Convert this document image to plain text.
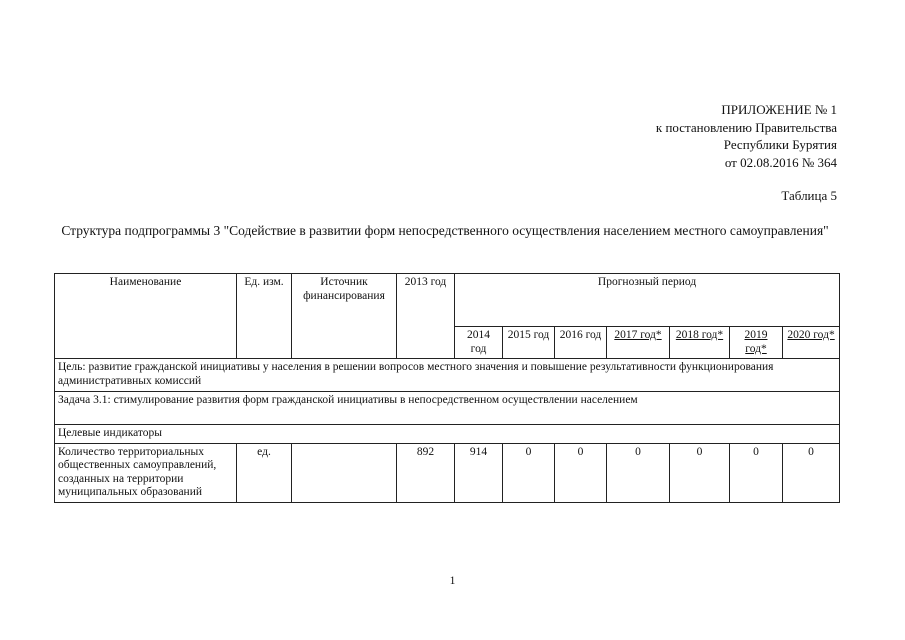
ПРИЛОЖЕНИЕ № 1
к постановлению Правительства
Республики Бурятия
от 02.08.2016 № 364
Таблица 5
Структура подпрограммы 3 "Содействие в развитии форм непосредственного осуществления населением местного самоуправления"
Наименование	Ед. изм.	Источник финансирования	2013 год	Прогнозный период						
				2014 год	2015 год	2016 год	2017 год*	2018 год*	2019 год*	2020 год*
Цель: развитие гражданской инициативы у населения в решении вопросов местного значения и повышение результативности функционирования административных комиссий										
Задача 3.1: стимулирование развития форм гражданской инициативы в непосредственном осуществлении населением										
Целевые индикаторы										
Количество территориальных общественных самоуправлений, созданных на территории муниципальных образований	ед.		892	914	0	0	0	0	0	0
1
